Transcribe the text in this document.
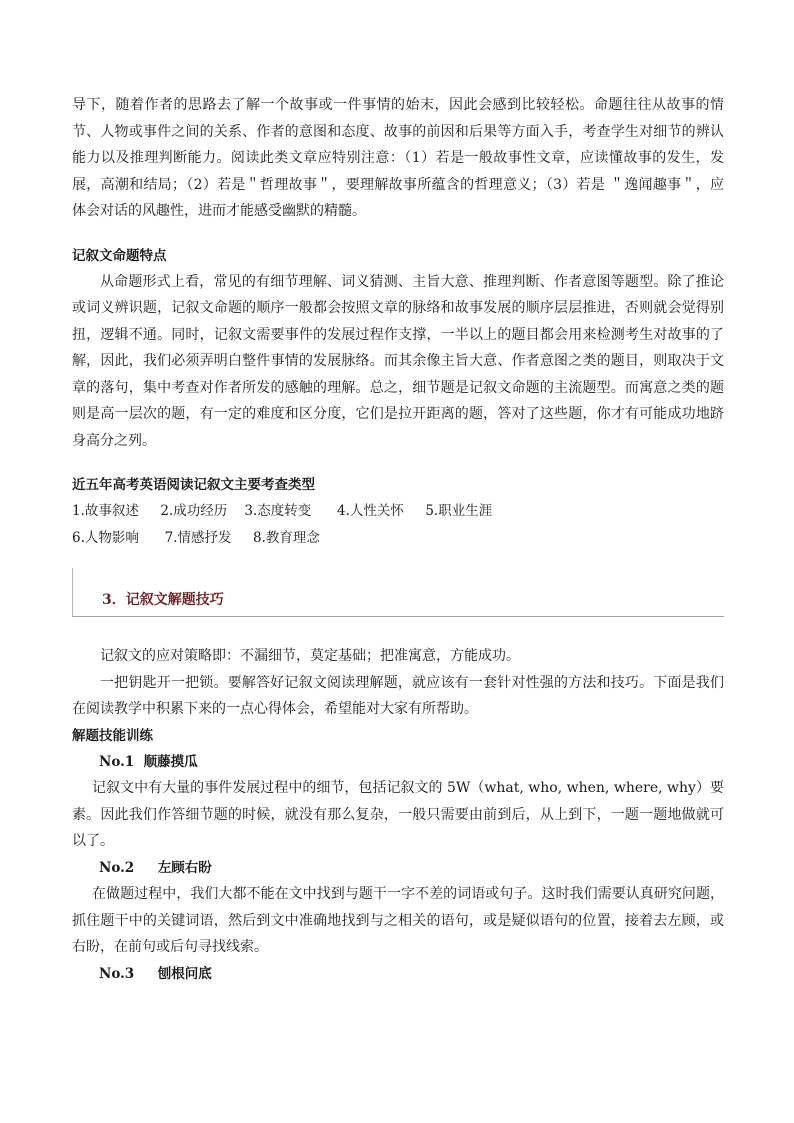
导下，随着作者的思路去了解一个故事或一件事情的始末，因此会感到比较轻松。命题往往从故事的情节、人物或事件之间的关系、作者的意图和态度、故事的前因和后果等方面入手，考查学生对细节的辨认能力以及推理判断能力。阅读此类文章应特别注意：（1）若是一般故事性文章，应读懂故事的发生，发展，高潮和结局；（2）若是＂哲理故事＂，要理解故事所蕴含的哲理意义；（3）若是 ＂逸闻趣事＂，应体会对话的风趣性，进而才能感受幽默的精髓。

记叙文命题特点

从命题形式上看，常见的有细节理解、词义猜测、主旨大意、推理判断、作者意图等题型。除了推论或词义辨识题，记叙文命题的顺序一般都会按照文章的脉络和故事发展的顺序层层推进，否则就会觉得别扭，逻辑不通。同时，记叙文需要事件的发展过程作支撑，一半以上的题目都会用来检测考生对故事的了解，因此，我们必须弄明白整件事情的发展脉络。而其余像主旨大意、作者意图之类的题目，则取决于文章的落句，集中考查对作者所发的感触的理解。总之，细节题是记叙文命题的主流题型。而寓意之类的题则是高一层次的题，有一定的难度和区分度，它们是拉开距离的题，答对了这些题，你才有可能成功地跻身高分之列。

近五年高考英语阅读记叙文主要考查类型

1.故事叙述     2.成功经历    3.态度转变      4.人性关怀     5.职业生涯

6.人物影响      7.情感抒发     8.教育理念

3．记叙文解题技巧

记叙文的应对策略即：不漏细节，莫定基础；把准寓意，方能成功。

一把钥匙开一把锁。要解答好记叙文阅读理解题，就应该有一套针对性强的方法和技巧。下面是我们在阅读教学中积累下来的一点心得体会，希望能对大家有所帮助。

解题技能训练

No.1  顺藤摸瓜

记叙文中有大量的事件发展过程中的细节，包括记叙文的 5W（what, who, when, where, why）要素。因此我们作答细节题的时候，就没有那么复杂，一般只需要由前到后，从上到下，一题一题地做就可以了。

No.2     左顾右盼

在做题过程中，我们大都不能在文中找到与题干一字不差的词语或句子。这时我们需要认真研究问题，抓住题干中的关键词语，然后到文中准确地找到与之相关的语句，或是疑似语句的位置，接着去左顾，或右盼，在前句或后句寻找线索。

No.3     刨根问底
